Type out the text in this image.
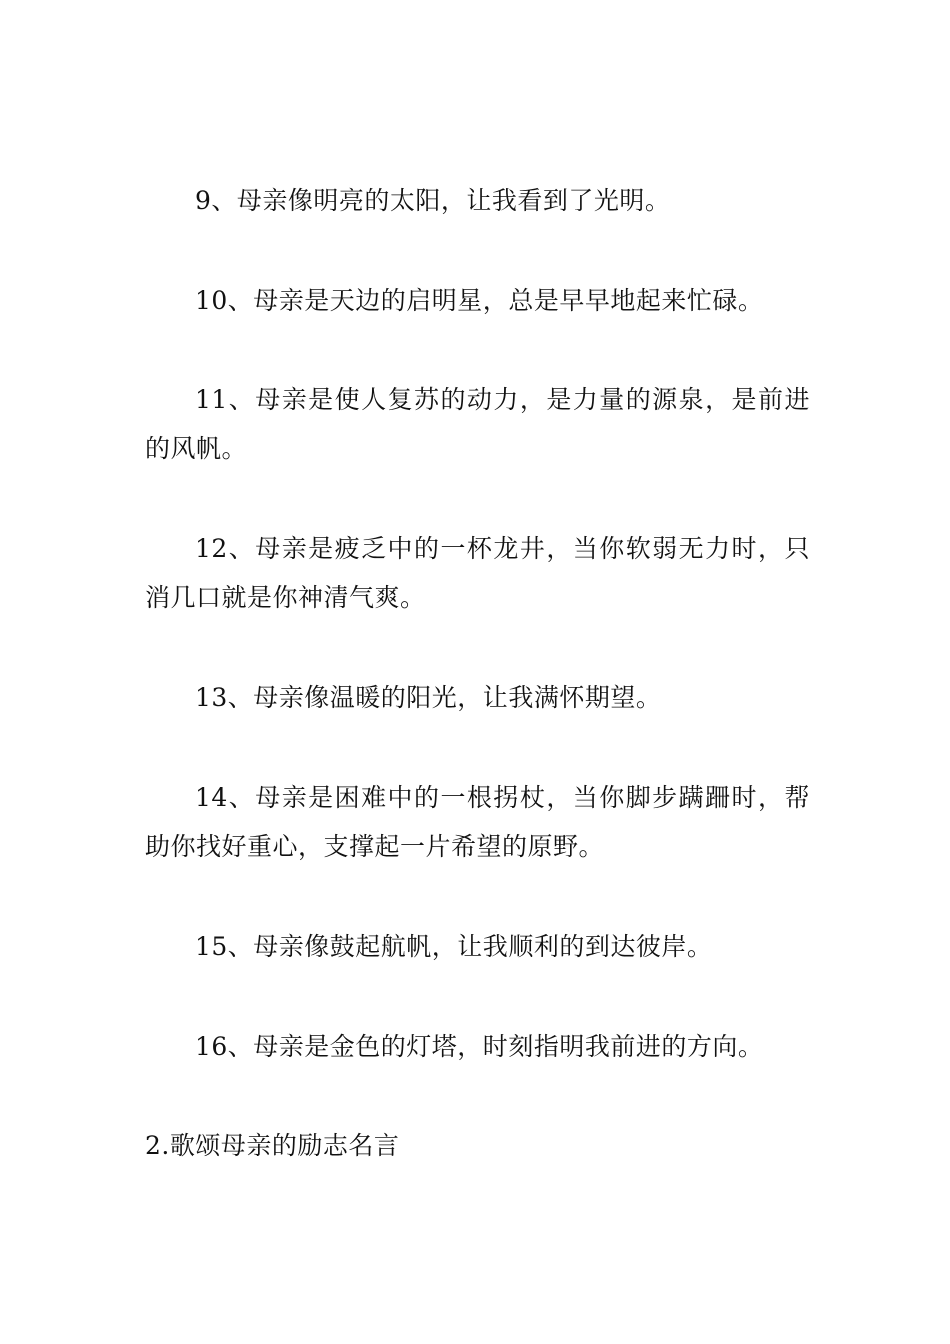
9、母亲像明亮的太阳，让我看到了光明。

10、母亲是天边的启明星，总是早早地起来忙碌。

11、母亲是使人复苏的动力，是力量的源泉，是前进的风帆。

12、母亲是疲乏中的一杯龙井，当你软弱无力时，只消几口就是你神清气爽。

13、母亲像温暖的阳光，让我满怀期望。

14、母亲是困难中的一根拐杖，当你脚步蹒跚时，帮助你找好重心，支撑起一片希望的原野。

15、母亲像鼓起航帆，让我顺利的到达彼岸。

16、母亲是金色的灯塔，时刻指明我前进的方向。

2.歌颂母亲的励志名言
